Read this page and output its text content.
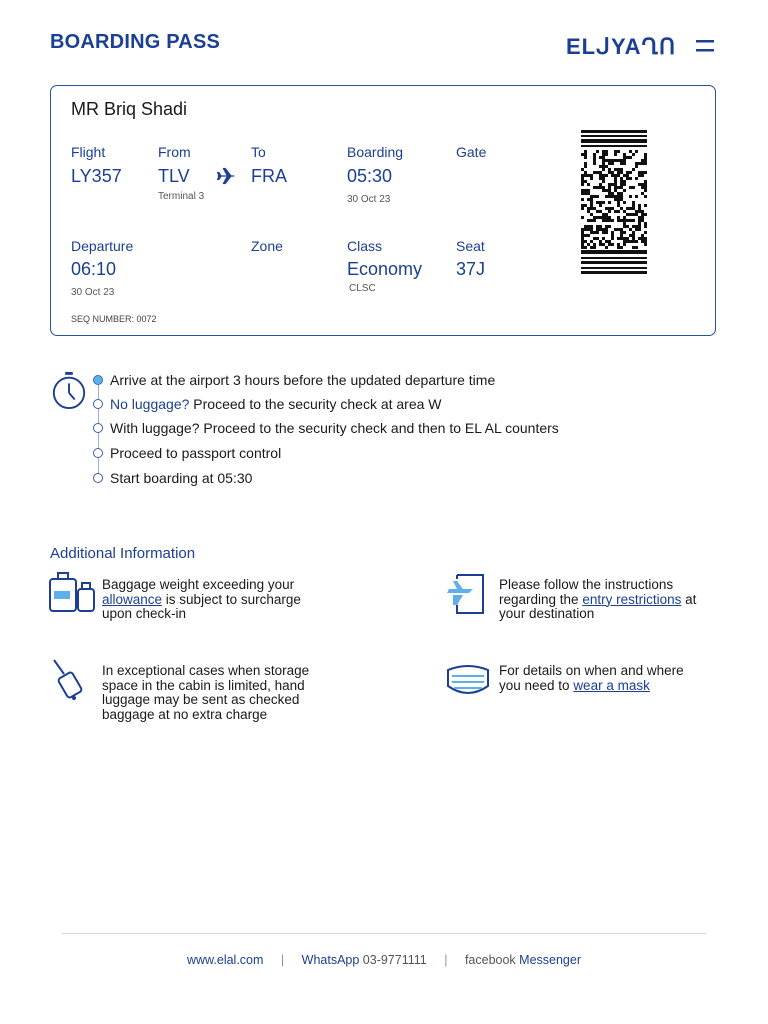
BOARDING PASS	ELᒍYAՂՈ
MR Briq Shadi
Flight
LY357
From
TLV
Terminal 3
To
FRA
Boarding
05:30
30 Oct 23
Gate
Departure
06:10
30 Oct 23
Zone	Class
Economy
CLSC
Seat
37J
SEQ NUMBER: 0072
Arrive at the airport 3 hours before the updated departure time
No luggage? Proceed to the security check at area W
With luggage? Proceed to the security check and then to EL AL counters
Proceed to passport control
Start boarding at 05:30
Additional Information
Baggage weight exceeding your
allowance is subject to surcharge
upon check-in
Please follow the instructions
regarding the entry restrictions at
your destination
In exceptional cases when storage space in the cabin is limited, hand luggage may be sent as checked baggage at no extra charge
For details on when and where
you need to wear a mask
www.elal.com | WhatsApp 03-9771111 | facebook Messenger
